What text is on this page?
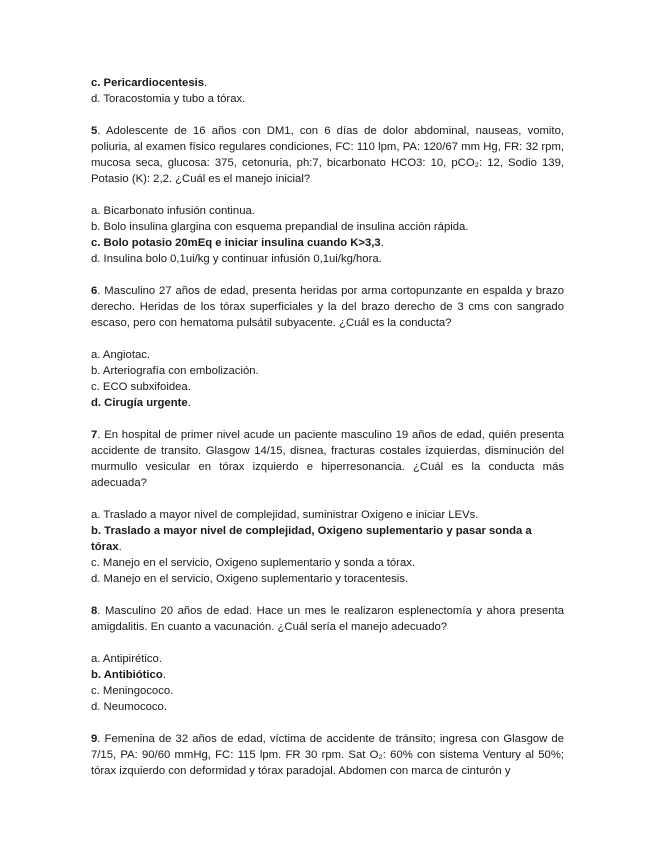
c. Pericardiocentesis.
d. Toracostomia y tubo a tórax.

5. Adolescente de 16 años con DM1, con 6 días de dolor abdominal, nauseas, vomito, poliuria, al examen físico regulares condiciones, FC: 110 lpm, PA: 120/67 mm Hg, FR: 32 rpm, mucosa seca, glucosa: 375, cetonuria, ph:7, bicarbonato HCO3: 10, pCO₂: 12, Sodio 139, Potasio (K): 2,2. ¿Cuál es el manejo inicial?

a. Bicarbonato infusión continua.
b. Bolo insulina glargina con esquema prepandial de insulina acción rápida.
c. Bolo potasio 20mEq e iniciar insulina cuando K>3,3.
d. Insulina bolo 0,1ui/kg y continuar infusión 0,1ui/kg/hora.

6. Masculino 27 años de edad, presenta heridas por arma cortopunzante en espalda y brazo derecho. Heridas de los tórax superficiales y la del brazo derecho de 3 cms con sangrado escaso, pero con hematoma pulsátil subyacente. ¿Cuál es la conducta?

a. Angiotac.
b. Arteriografía con embolización.
c. ECO subxifoidea.
d. Cirugía urgente.

7. En hospital de primer nivel acude un paciente masculino 19 años de edad, quién presenta accidente de transito. Glasgow 14/15, disnea, fracturas costales izquierdas, disminución del murmullo vesicular en tórax izquierdo e hiperresonancia. ¿Cuál es la conducta más adecuada?

a. Traslado a mayor nivel de complejidad, suministrar Oxigeno e iniciar LEVs.
b. Traslado a mayor nivel de complejidad, Oxigeno suplementario y pasar sonda a tórax.
c. Manejo en el servicio, Oxigeno suplementario y sonda a tórax.
d. Manejo en el servicio, Oxigeno suplementario y toracentesis.

8. Masculino 20 años de edad. Hace un mes le realizaron esplenectomía y ahora presenta amigdalitis. En cuanto a vacunación. ¿Cuál sería el manejo adecuado?

a. Antipirético.
b. Antibiótico.
c. Meningococo.
d. Neumococo.

9. Femenina de 32 años de edad, víctima de accidente de tránsito; ingresa con Glasgow de 7/15, PA: 90/60 mmHg, FC: 115 lpm. FR 30 rpm. Sat O₂: 60% con sistema Ventury al 50%; tórax izquierdo con deformidad y tórax paradojal. Abdomen con marca de cinturón y
